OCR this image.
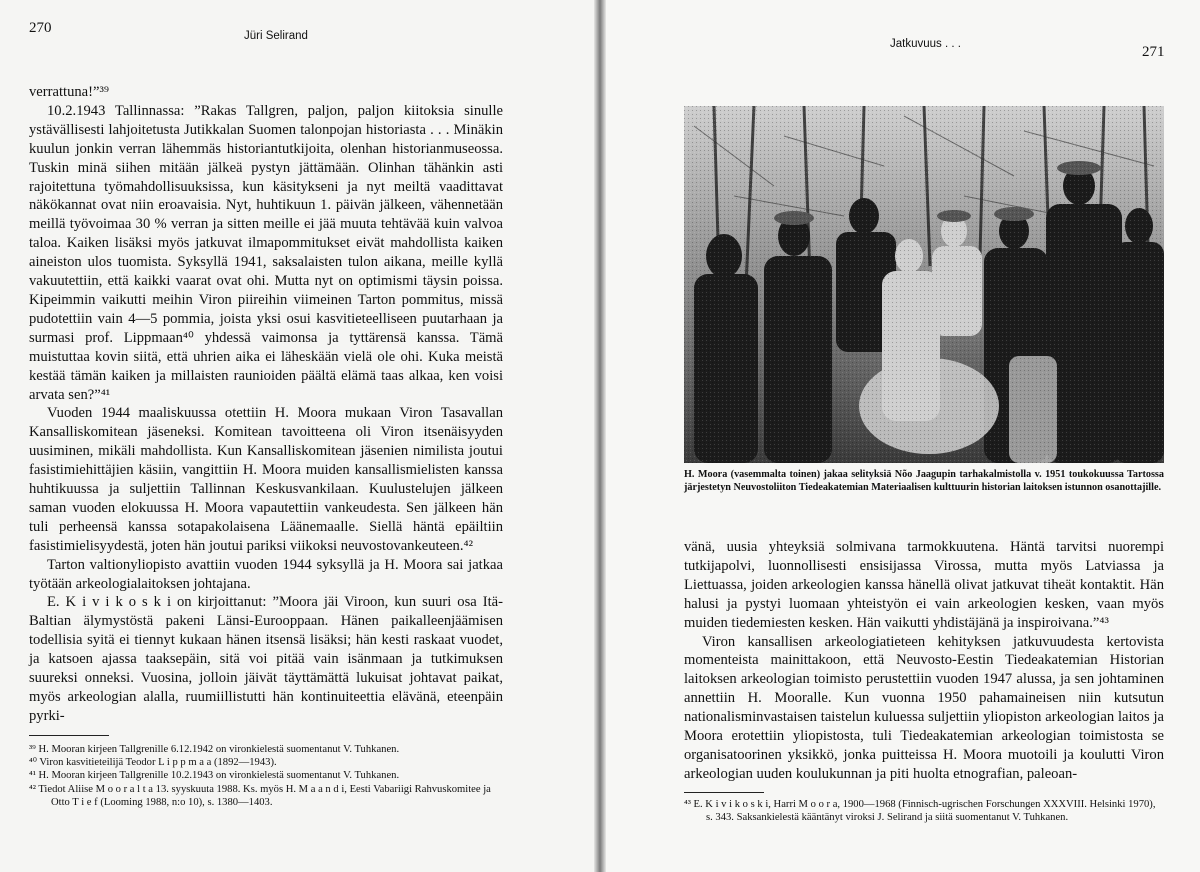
270	Jüri Selirand

verrattuna!”³⁹

10.2.1943 Tallinnassa: ”Rakas Tallgren, paljon, paljon kiitoksia sinulle ystävällisesti lahjoitetusta Jutikkalan Suomen talonpojan historiasta . . . Minäkin kuulun jonkin verran lähemmäs historiantutkijoita, olenhan historianmuseossa. Tuskin minä siihen mitään jälkeä pystyn jättämään. Olinhan tähänkin asti rajoitettuna työmahdollisuuksissa, kun käsitykseni ja nyt meiltä vaadittavat näkökannat ovat niin eroavaisia. Nyt, huhtikuun 1. päivän jälkeen, vähennetään meillä työvoimaa 30 % verran ja sitten meille ei jää muuta tehtävää kuin valvoa taloa. Kaiken lisäksi myös jatkuvat ilmapommitukset eivät mahdollista kaiken aineiston ulos tuomista. Syksyllä 1941, saksalaisten tulon aikana, meille kyllä vakuutettiin, että kaikki vaarat ovat ohi. Mutta nyt on optimismi täysin poissa. Kipeimmin vaikutti meihin Viron piireihin viimeinen Tarton pommitus, missä pudotettiin vain 4—5 pommia, joista yksi osui kasvitieteelliseen puutarhaan ja surmasi prof. Lippmaan⁴⁰ yhdessä vaimonsa ja tyttärensä kanssa. Tämä muistuttaa kovin siitä, että uhrien aika ei läheskään vielä ole ohi. Kuka meistä kestää tämän kaiken ja millaisten raunioiden päältä elämä taas alkaa, ken voisi arvata sen?”⁴¹

Vuoden 1944 maaliskuussa otettiin H. Moora mukaan Viron Tasavallan Kansalliskomitean jäseneksi. Komitean tavoitteena oli Viron itsenäisyyden uusiminen, mikäli mahdollista. Kun Kansalliskomitean jäsenien nimilista joutui fasistimiehittäjien käsiin, vangittiin H. Moora muiden kansallismielisten kanssa huhtikuussa ja suljettiin Tallinnan Keskusvankilaan. Kuulustelujen jälkeen saman vuoden elokuussa H. Moora vapautettiin vankeudesta. Sen jälkeen hän tuli perheensä kanssa sotapakolaisena Läänemaalle. Siellä häntä epäiltiin fasistimielisyydestä, joten hän joutui pariksi viikoksi neuvostovankeuteen.⁴²

Tarton valtionyliopisto avattiin vuoden 1944 syksyllä ja H. Moora sai jatkaa työtään arkeologialaitoksen johtajana.

E. K i v i k o s k i on kirjoittanut: ”Moora jäi Viroon, kun suuri osa Itä-Baltian älymystöstä pakeni Länsi-Eurooppaan. Hänen paikalleenjäämisen todellisia syitä ei tiennyt kukaan hänen itsensä lisäksi; hän kesti raskaat vuodet, ja katsoen ajassa taaksepäin, sitä voi pitää vain isänmaan ja tutkimuksen suureksi onneksi. Vuosina, jolloin jäivät täyttämättä lukuisat johtavat paikat, myös arkeologian alalla, ruumiillistutti hän kontinuiteettia elävänä, eteenpäin pyrki-

³⁹ H. Mooran kirjeen Tallgrenille 6.12.1942 on vironkielestä suomentanut V. Tuhkanen.

⁴⁰ Viron kasvitieteilijä Teodor L i p p m a a (1892—1943).

⁴¹ H. Mooran kirjeen Tallgrenille 10.2.1943 on vironkielestä suomentanut V. Tuhkanen.

⁴² Tiedot Aliise M o o r a l t a 13. syyskuuta 1988. Ks. myös H. M a a n d i, Eesti Vabariigi Rahvuskomitee ja Otto T i e f (Looming 1988, n:o 10), s. 1380—1403.

Jatkuvuus . . .	271
H. Moora (vasemmalta toinen) jakaa selityksiä Nõo Jaagupin tarhakalmistolla v. 1951 toukokuussa Tartossa järjestetyn Neuvostoliiton Tiedeakatemian Materiaalisen kulttuurin historian laitoksen istunnon osanottajille.

vänä, uusia yhteyksiä solmivana tarmokkuutena. Häntä tarvitsi nuorempi tutkijapolvi, luonnollisesti ensisijassa Virossa, mutta myös Latviassa ja Liettuassa, joiden arkeologien kanssa hänellä olivat jatkuvat tiheät kontaktit. Hän halusi ja pystyi luomaan yhteistyön ei vain arkeologien kesken, vaan myös muiden tiedemiesten kesken. Hän vaikutti yhdistäjänä ja inspiroivana.”⁴³

Viron kansallisen arkeologiatieteen kehityksen jatkuvuudesta kertovista momenteista mainittakoon, että Neuvosto-Eestin Tiedeakatemian Historian laitoksen arkeologian toimisto perustettiin vuoden 1947 alussa, ja sen johtaminen annettiin H. Mooralle. Kun vuonna 1950 pahamaineisen niin kutsutun nationalisminvastaisen taistelun kuluessa suljettiin yliopiston arkeologian laitos ja Moora erotettiin yliopistosta, tuli Tiedeakatemian arkeologian toimistosta se organisatoorinen yksikkö, jonka puitteissa H. Moora muotoili ja koulutti Viron arkeologian uuden koulukunnan ja piti huolta etnografian, paleoan-

⁴³ E. K i v i k o s k i, Harri M o o r a, 1900—1968 (Finnisch-ugrischen Forschungen XXXVIII. Helsinki 1970), s. 343. Saksankielestä kääntänyt viroksi J. Selirand ja siitä suomentanut V. Tuhkanen.
